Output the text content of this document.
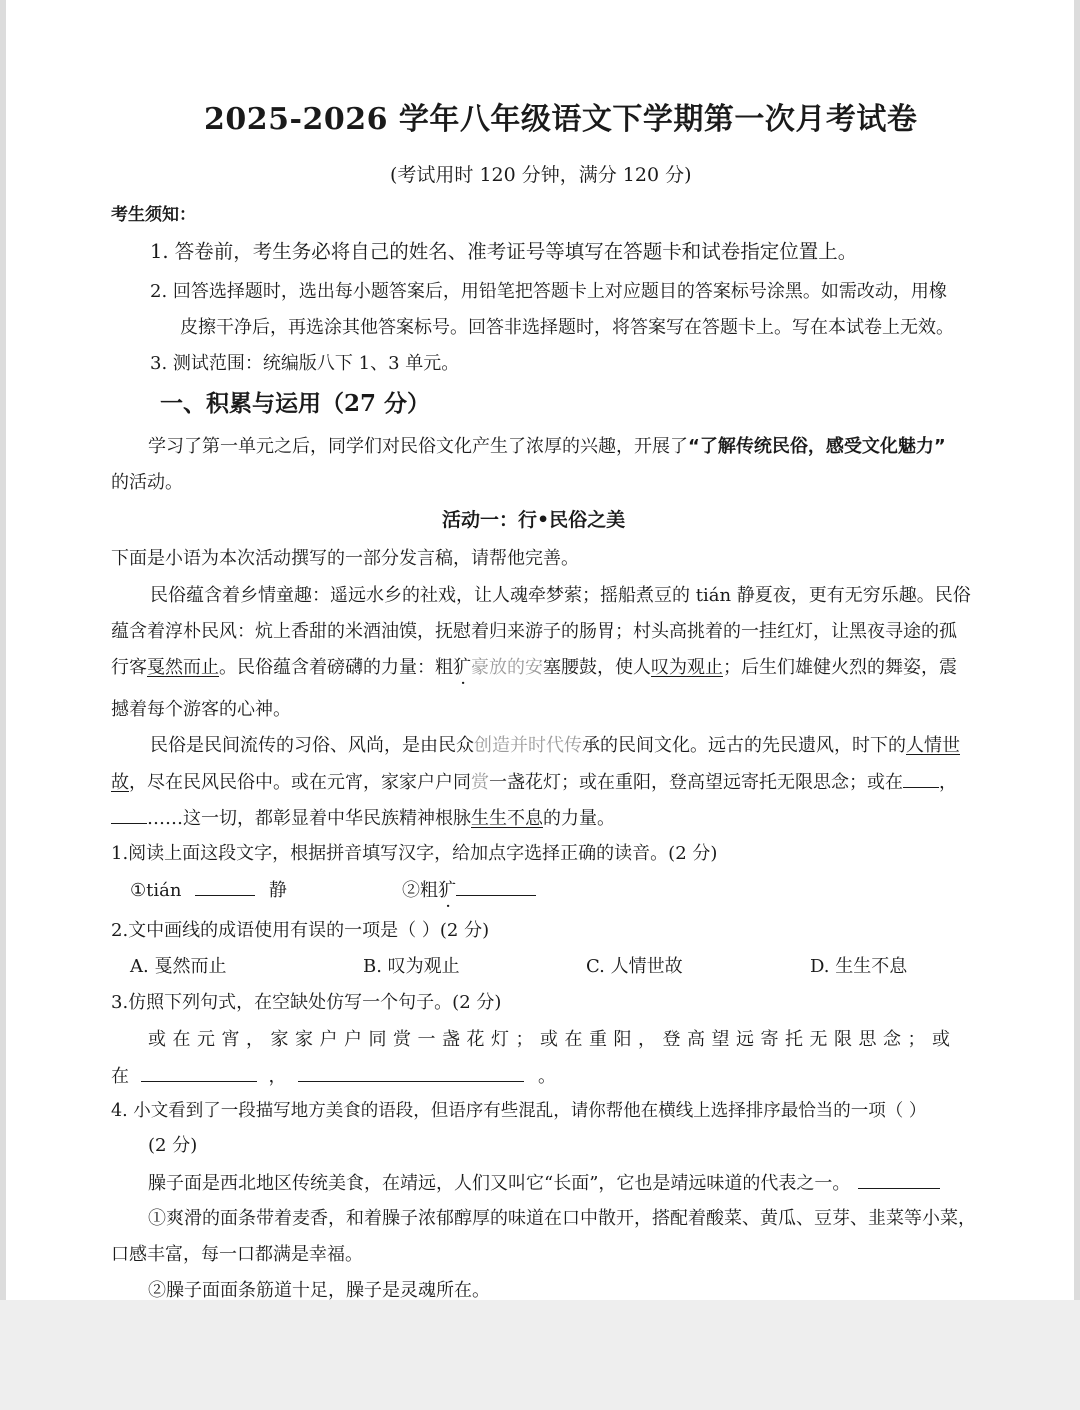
2025-2026 学年八年级语文下学期第一次月考试卷
(考试用时 120 分钟，满分 120 分)
考生须知：
1. 答卷前，考生务必将自己的姓名、准考证号等填写在答题卡和试卷指定位置上。
2. 回答选择题时，选出每小题答案后，用铅笔把答题卡上对应题目的答案标号涂黑。如需改动，用橡
皮擦干净后，再选涂其他答案标号。回答非选择题时，将答案写在答题卡上。写在本试卷上无效。
3. 测试范围：统编版八下 1、3 单元。
一、积累与运用（27 分）
学习了第一单元之后，同学们对民俗文化产生了浓厚的兴趣，开展了“了解传统民俗，感受文化魅力”
的活动。
活动一：行•民俗之美
下面是小语为本次活动撰写的一部分发言稿，请帮他完善。
民俗蕴含着乡情童趣：遥远水乡的社戏，让人魂牵梦萦；摇船煮豆的 tián 静夏夜，更有无穷乐趣。民俗
蕴含着淳朴民风：炕上香甜的米酒油馍，抚慰着归来游子的肠胃；村头高挑着的一挂红灯，让黑夜寻途的孤
行客戛然而止。民俗蕴含着磅礴的力量：粗犷豪放的安塞腰鼓，使人叹为观止；后生们雄健火烈的舞姿，震
撼着每个游客的心神。
民俗是民间流传的习俗、风尚，是由民众创造并时代传承的民间文化。远古的先民遗风，时下的人情世
故，尽在民风民俗中。或在元宵，家家户户同赏一盏花灯；或在重阳，登高望远寄托无限思念；或在 ，
……这一切，都彰显着中华民族精神根脉生生不息的力量。
1.阅读上面这段文字，根据拼音填写汉字，给加点字选择正确的读音。(2 分)
①tián	静	②粗犷
2.文中画线的成语使用有误的一项是（ ）(2 分)
A. 戛然而止	B. 叹为观止	C. 人情世故	D. 生生不息
3.仿照下列句式，在空缺处仿写一个句子。(2 分)
或在元宵，家家户户同赏一盏花灯；或在重阳，登高望远寄托无限思念；或
在	，	。
4. 小文看到了一段描写地方美食的语段，但语序有些混乱，请你帮他在横线上选择排序最恰当的一项（ ）
(2 分)
臊子面是西北地区传统美食，在靖远，人们又叫它“长面”，它也是靖远味道的代表之一。
①爽滑的面条带着麦香，和着臊子浓郁醇厚的味道在口中散开，搭配着酸菜、黄瓜、豆芽、韭菜等小菜，
口感丰富，每一口都满是幸福。
②臊子面面条筋道十足，臊子是灵魂所在。
